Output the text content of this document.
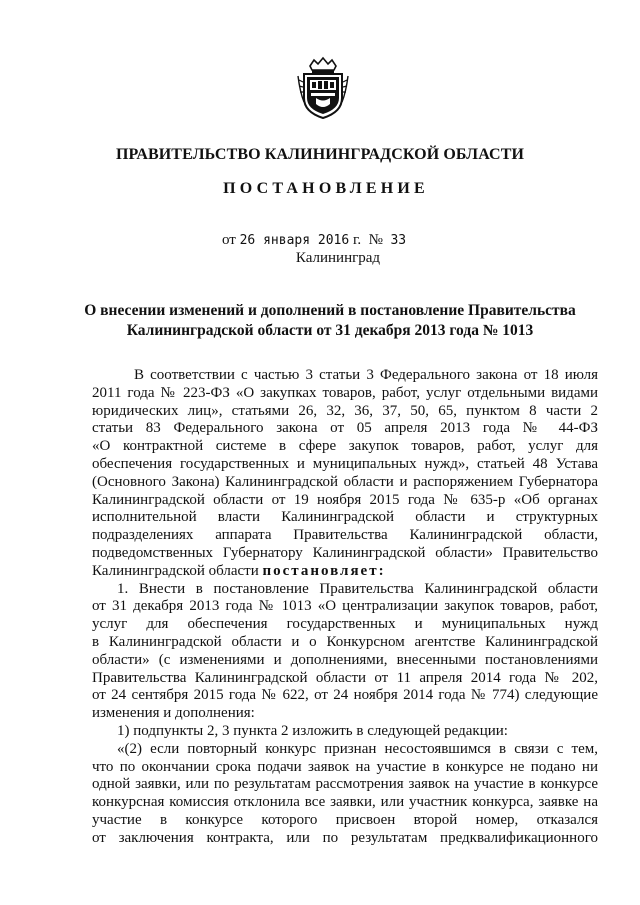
ПРАВИТЕЛЬСТВО КАЛИНИНГРАДСКОЙ ОБЛАСТИ
ПОСТАНОВЛЕНИЕ
от 26 января 2016 г. № 33
Калининград
О внесении изменений и дополнений в постановление Правительства
Калининградской области от 31 декабря 2013 года № 1013
В соответствии с частью 3 статьи 3 Федерального закона от 18 июля
2011 года № 223-ФЗ «О закупках товаров, работ, услуг отдельными видами
юридических лиц», статьями 26, 32, 36, 37, 50, 65, пунктом 8 части 2
статьи 83 Федерального закона от 05 апреля 2013 года № 44-ФЗ
«О контрактной системе в сфере закупок товаров, работ, услуг для
обеспечения государственных и муниципальных нужд», статьей 48 Устава
(Основного Закона) Калининградской области и распоряжением Губернатора
Калининградской области от 19 ноября 2015 года № 635-р «Об органах
исполнительной власти Калининградской области и структурных
подразделениях аппарата Правительства Калининградской области,
подведомственных Губернатору Калининградской области» Правительство
Калининградской области постановляет:
1. Внести в постановление Правительства Калининградской области
от 31 декабря 2013 года № 1013 «О централизации закупок товаров, работ,
услуг для обеспечения государственных и муниципальных нужд
в Калининградской области и о Конкурсном агентстве Калининградской
области» (с изменениями и дополнениями, внесенными постановлениями
Правительства Калининградской области от 11 апреля 2014 года № 202,
от 24 сентября 2015 года № 622, от 24 ноября 2014 года № 774) следующие
изменения и дополнения:
1) подпункты 2, 3 пункта 2 изложить в следующей редакции:
«(2) если повторный конкурс признан несостоявшимся в связи с тем,
что по окончании срока подачи заявок на участие в конкурсе не подано ни
одной заявки, или по результатам рассмотрения заявок на участие в конкурсе
конкурсная комиссия отклонила все заявки, или участник конкурса, заявке на
участие в конкурсе которого присвоен второй номер, отказался
от заключения контракта, или по результатам предквалификационного
